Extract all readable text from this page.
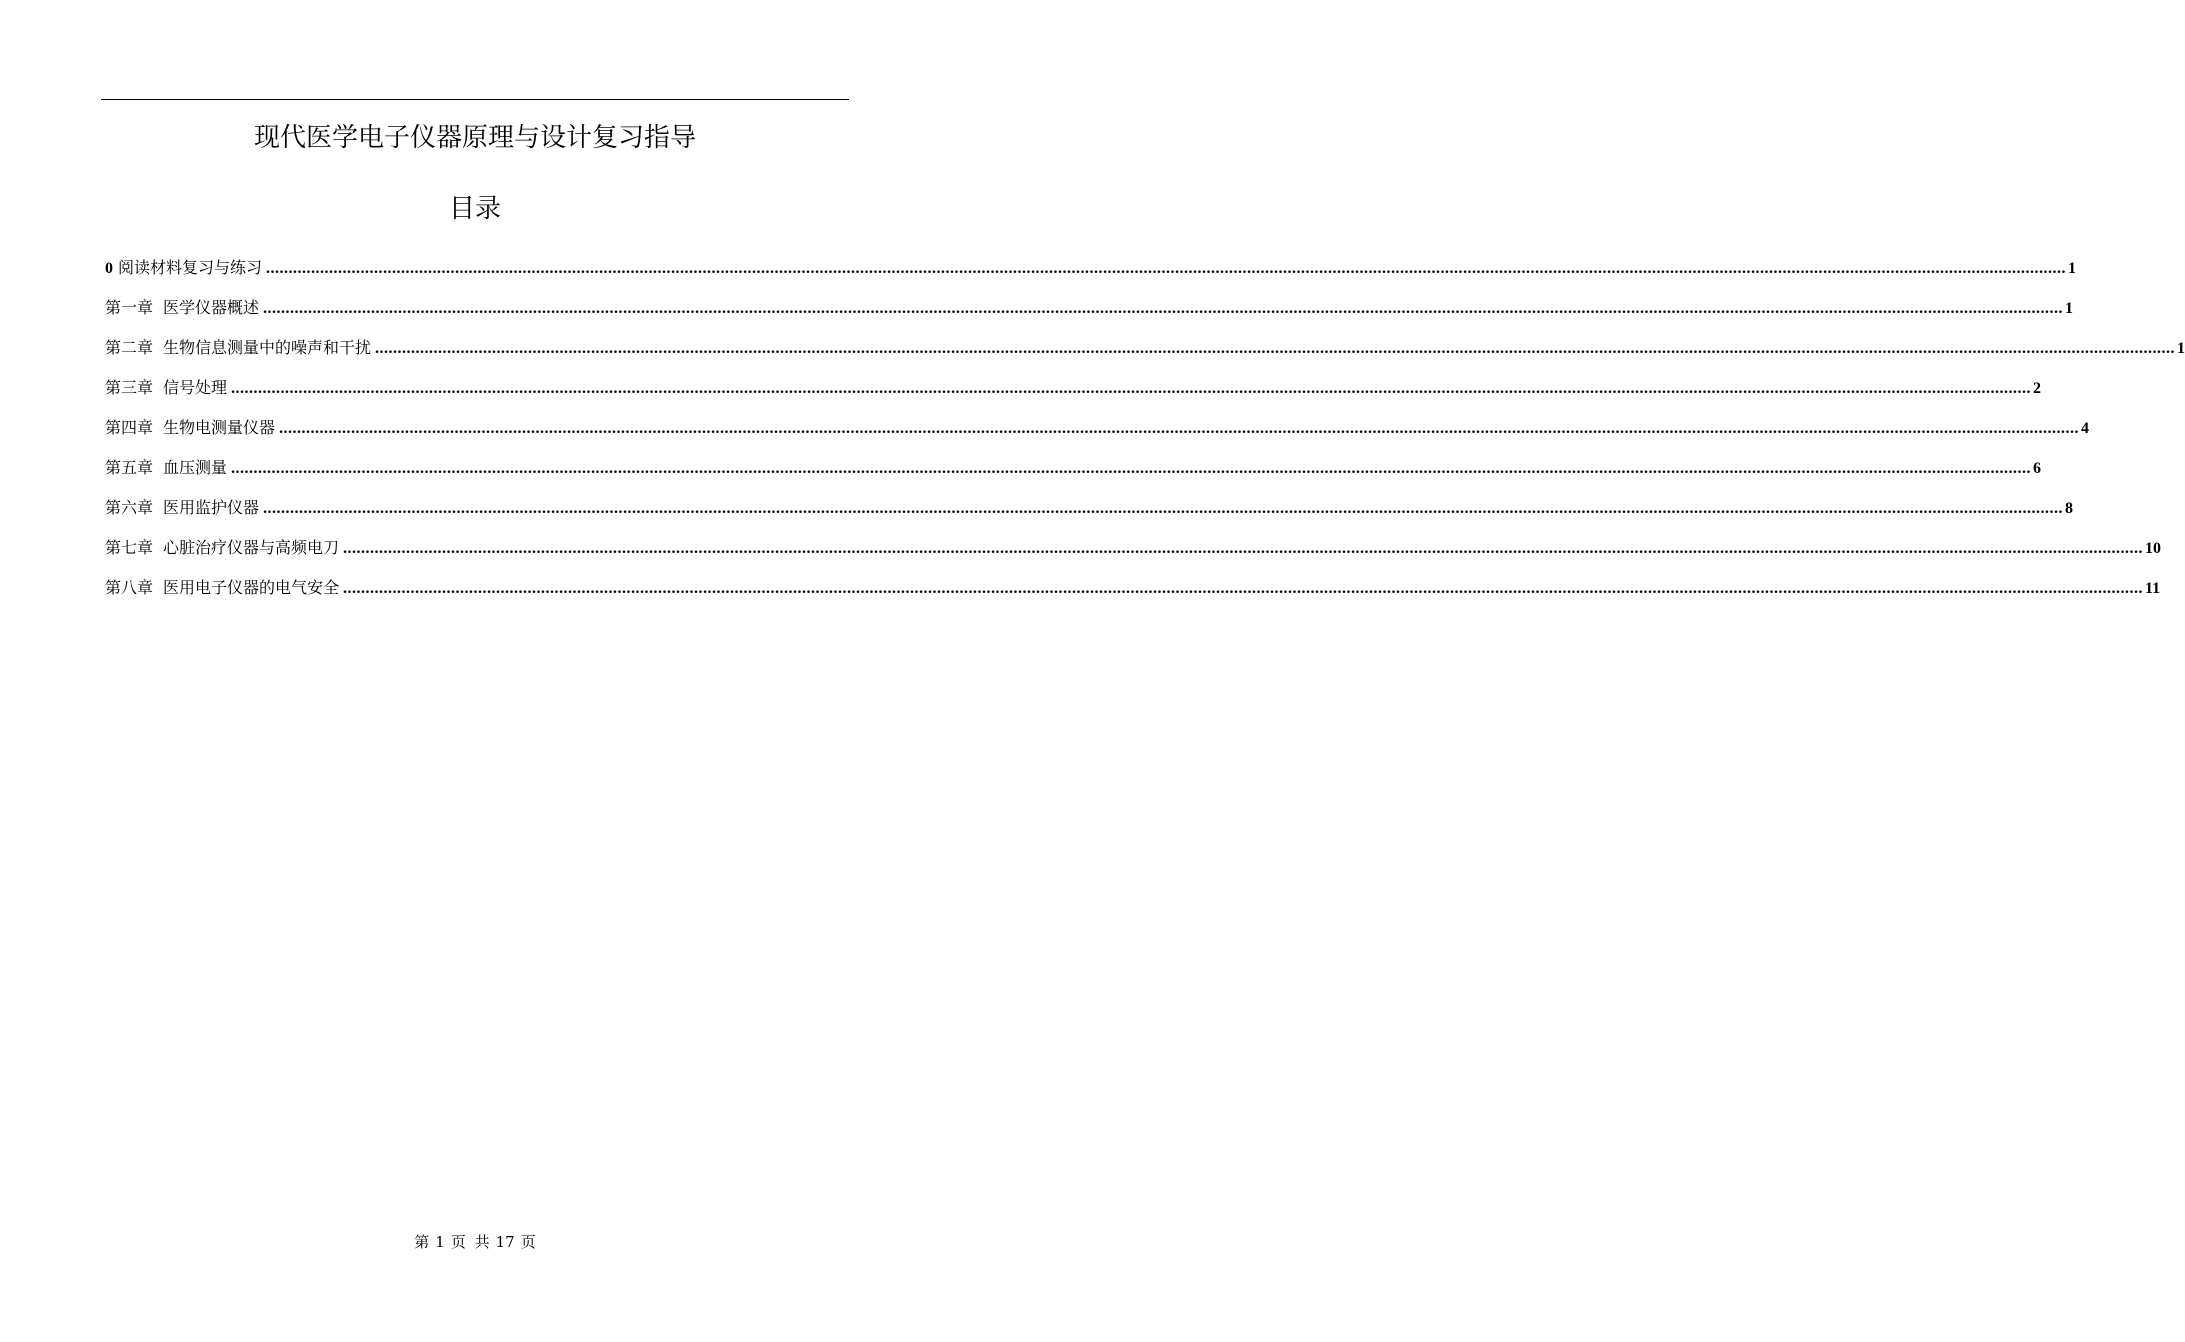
现代医学电子仪器原理与设计复习指导
目录
0 阅读材料复习与练习 ................................................................................................................................................................................................................................................................................................................................................................................................................ 1
第一章 医学仪器概述 ................................................................................................................................................................................................................................................................................................................................................................................................................ 1
第二章 生物信息测量中的噪声和干扰 ................................................................................................................................................................................................................................................................................................................................................................................................................ 1
第三章 信号处理 ................................................................................................................................................................................................................................................................................................................................................................................................................ 2
第四章 生物电测量仪器 ................................................................................................................................................................................................................................................................................................................................................................................................................ 4
第五章 血压测量 ................................................................................................................................................................................................................................................................................................................................................................................................................ 6
第六章 医用监护仪器 ................................................................................................................................................................................................................................................................................................................................................................................................................ 8
第七章 心脏治疗仪器与高频电刀 ................................................................................................................................................................................................................................................................................................................................................................................................................ 10
第八章 医用电子仪器的电气安全 ................................................................................................................................................................................................................................................................................................................................................................................................................ 11
第 1 页 共 17 页
